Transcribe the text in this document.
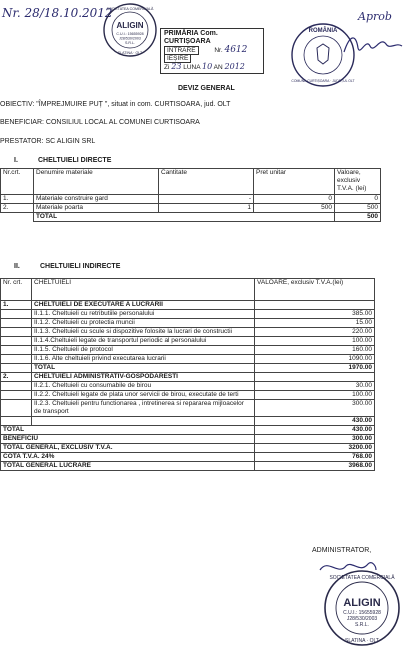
Nr. 28/18.10.2012
ALIGIN
C.U.I.: 15655928
J28/530/2003
S.R.L.
SOCIETATEA COMERCIALĂ
SLATINA · OLT
PRIMĂRIA Com. CURTIȘOARA
INTRARE	Nr. 4612
IEȘIRE
Zi 23 LUNA 10 AN 2012
ROMÂNIA
COMUNA CURTIȘOARA · JUDEȚUL OLT
Aprob
DEVIZ GENERAL
OBIECTIV: "ÎMPREJMUIRE PUȚ ", situat in com. CURTISOARA, jud. OLT
BENEFICIAR: CONSILIUL LOCAL AL COMUNEI CURTISOARA
PRESTATOR: SC ALIGIN SRL
I.	CHELTUIELI DIRECTE
Nr.crt.	Denumire materiale	Cantitate	Pret unitar	Valoare, exclusiv T.V.A. (lei)
1.	Materiale construire gard	-	0	0
2.	Materiale poarta	1	500	500
	TOTAL			500
II.	CHELTUIELI INDIRECTE
Nr. crt.	CHELTUIELI	VALOARE, exclusiv T.V.A.(lei)
1.	CHELTUIELI DE EXECUTARE A LUCRARII	
	II.1.1. Cheltuieli cu retributiile personalului	385.00
	II.1.2. Cheltuieli cu protectia muncii	15.00
	II.1.3. Cheltuieli cu scule si dispozitive folosite la lucrari de constructii	220.00
	II.1.4.Cheltuieli legate de transportul periodic al personalului	100.00
	II.1.5. Cheltuieli de protocol	160.00
	II.1.6. Alte cheltuieli privind executarea lucrarii	1090.00
	TOTAL	1970.00
2.	CHELTUIELI ADMINISTRATIV-GOSPODARESTI	
	II.2.1. Cheltuieli cu consumabile de birou	30.00
	II.2.2. Cheltuieli legate de plata unor servicii de birou, executate de terti	100.00
	II.2.3. Cheltuieli pentru functionarea , intretinerea si repararea mijloacelor de transport	300.00
		430.00
TOTAL		430.00
BENEFICIU		300.00
TOTAL GENERAL, EXCLUSIV T.V.A.		3200.00
COTA T.V.A. 24%		768.00
TOTAL GENERAL LUCRARE		3968.00
ADMINISTRATOR,
ALIGIN
C.U.I.: 15655928
J28/530/2003
S.R.L.
SOCIETATEA COMERCIALĂ
SLATINA · OLT
